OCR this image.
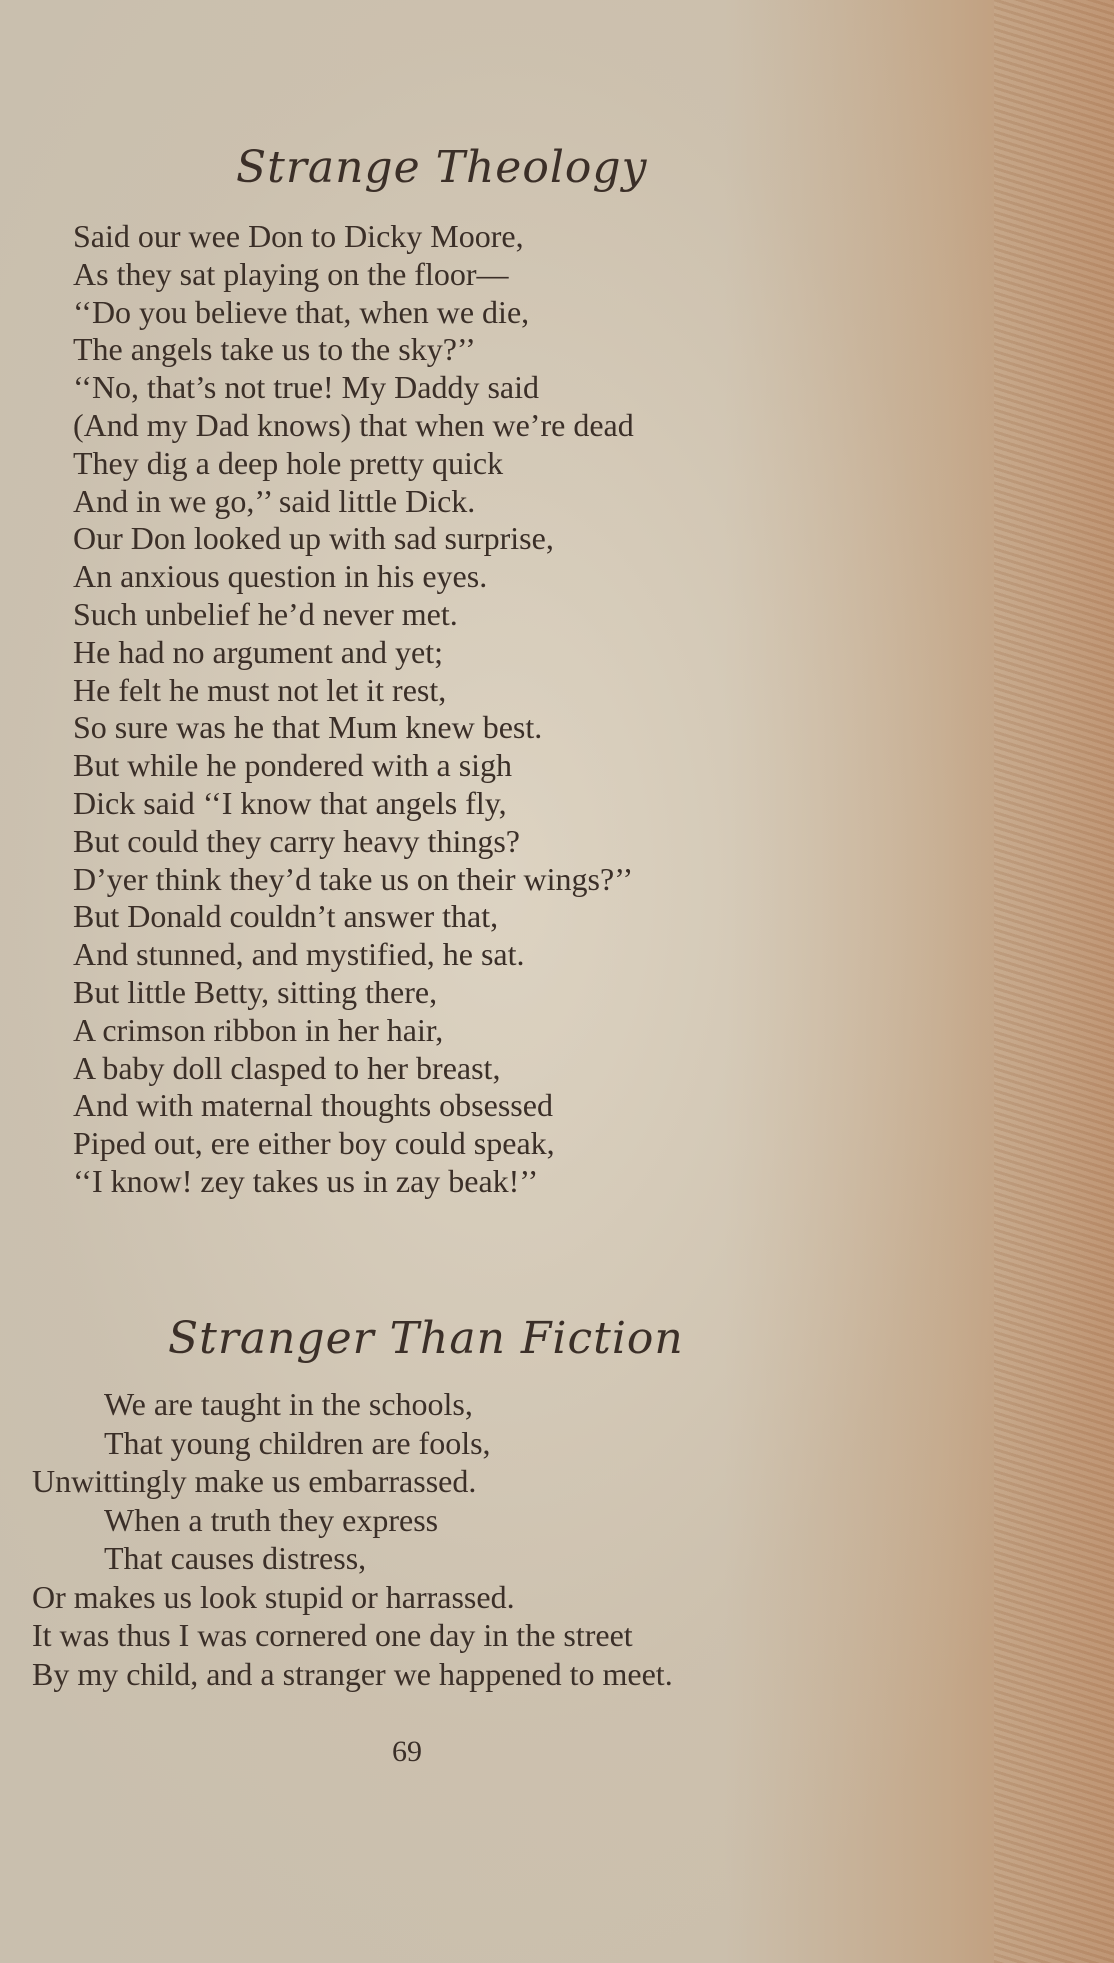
Strange Theology
Said our wee Don to Dicky Moore,
As they sat playing on the floor—
‘‘Do you believe that, when we die,
The angels take us to the sky?’’
‘‘No, that’s not true! My Daddy said
(And my Dad knows) that when we’re dead
They dig a deep hole pretty quick
And in we go,’’ said little Dick.
Our Don looked up with sad surprise,
An anxious question in his eyes.
Such unbelief he’d never met.
He had no argument and yet;
He felt he must not let it rest,
So sure was he that Mum knew best.
But while he pondered with a sigh
Dick said ‘‘I know that angels fly,
But could they carry heavy things?
D’yer think they’d take us on their wings?’’
But Donald couldn’t answer that,
And stunned, and mystified, he sat.
But little Betty, sitting there,
A crimson ribbon in her hair,
A baby doll clasped to her breast,
And with maternal thoughts obsessed
Piped out, ere either boy could speak,
‘‘I know! zey takes us in zay beak!’’
Stranger Than Fiction
We are taught in the schools,
That young children are fools,
Unwittingly make us embarrassed.
When a truth they express
That causes distress,
Or makes us look stupid or harrassed.
It was thus I was cornered one day in the street
By my child, and a stranger we happened to meet.
69
